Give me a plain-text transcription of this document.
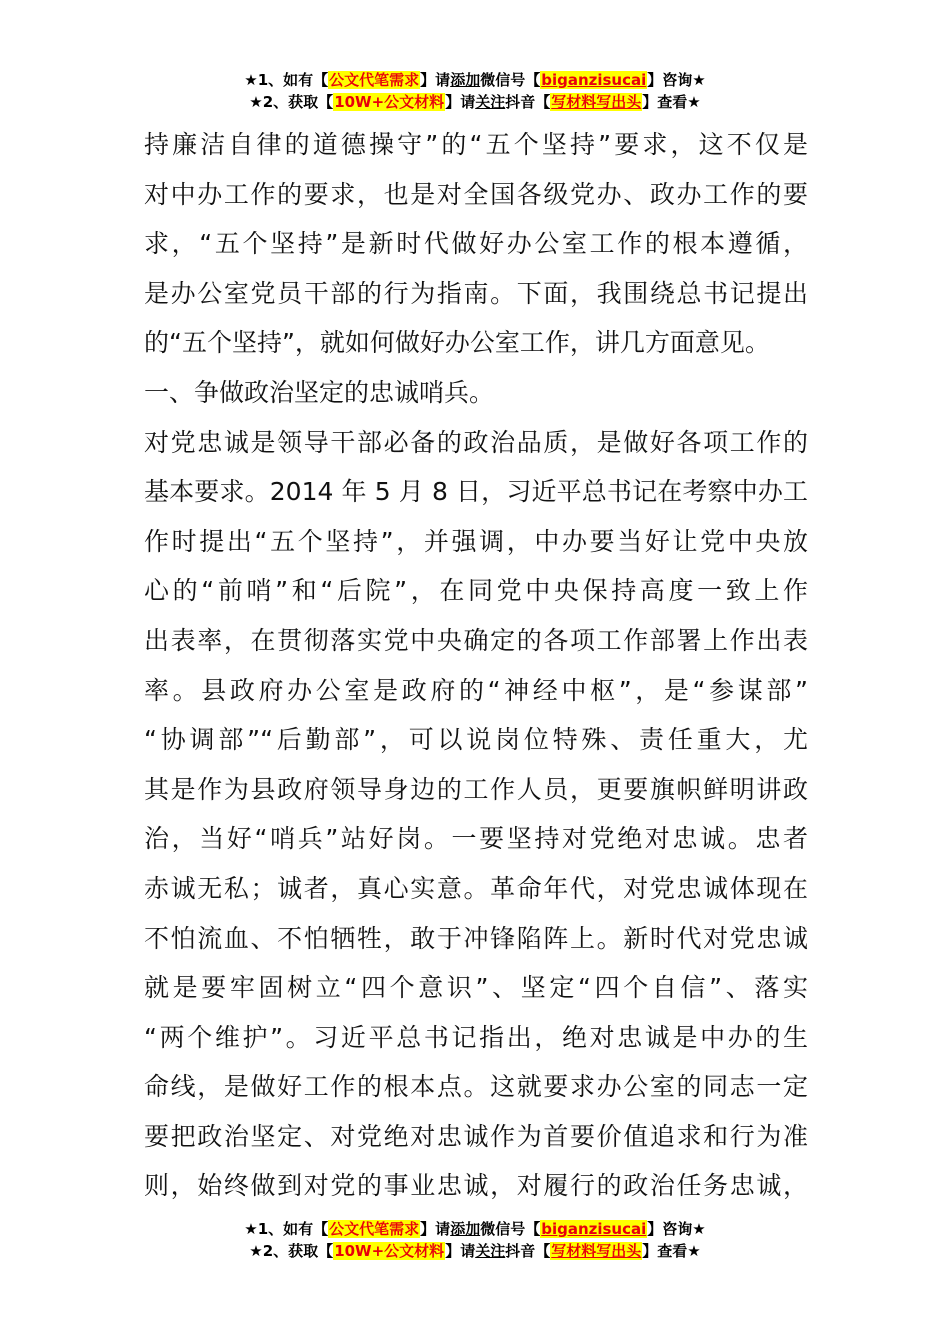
★1、如有【公文代笔需求】请添加微信号【biganzisucai】咨询★
★2、获取【10W+公文材料】请关注抖音【写材料写出头】查看★
持廉洁自律的道德操守”的“五个坚持”要求，这不仅是
对中办工作的要求，也是对全国各级党办、政办工作的要
求，“五个坚持”是新时代做好办公室工作的根本遵循，
是办公室党员干部的行为指南。下面，我围绕总书记提出
的“五个坚持”，就如何做好办公室工作，讲几方面意见。
一、争做政治坚定的忠诚哨兵。
对党忠诚是领导干部必备的政治品质，是做好各项工作的
基本要求。2014 年 5 月 8 日，习近平总书记在考察中办工
作时提出“五个坚持”，并强调，中办要当好让党中央放
心的“前哨”和“后院”，在同党中央保持高度一致上作
出表率，在贯彻落实党中央确定的各项工作部署上作出表
率。县政府办公室是政府的“神经中枢”，是“参谋部”
“协调部”“后勤部”，可以说岗位特殊、责任重大，尤
其是作为县政府领导身边的工作人员，更要旗帜鲜明讲政
治，当好“哨兵”站好岗。一要坚持对党绝对忠诚。忠者
赤诚无私；诚者，真心实意。革命年代，对党忠诚体现在
不怕流血、不怕牺牲，敢于冲锋陷阵上。新时代对党忠诚
就是要牢固树立“四个意识”、坚定“四个自信”、落实
“两个维护”。习近平总书记指出，绝对忠诚是中办的生
命线，是做好工作的根本点。这就要求办公室的同志一定
要把政治坚定、对党绝对忠诚作为首要价值追求和行为准
则，始终做到对党的事业忠诚，对履行的政治任务忠诚，
★1、如有【公文代笔需求】请添加微信号【biganzisucai】咨询★
★2、获取【10W+公文材料】请关注抖音【写材料写出头】查看★
